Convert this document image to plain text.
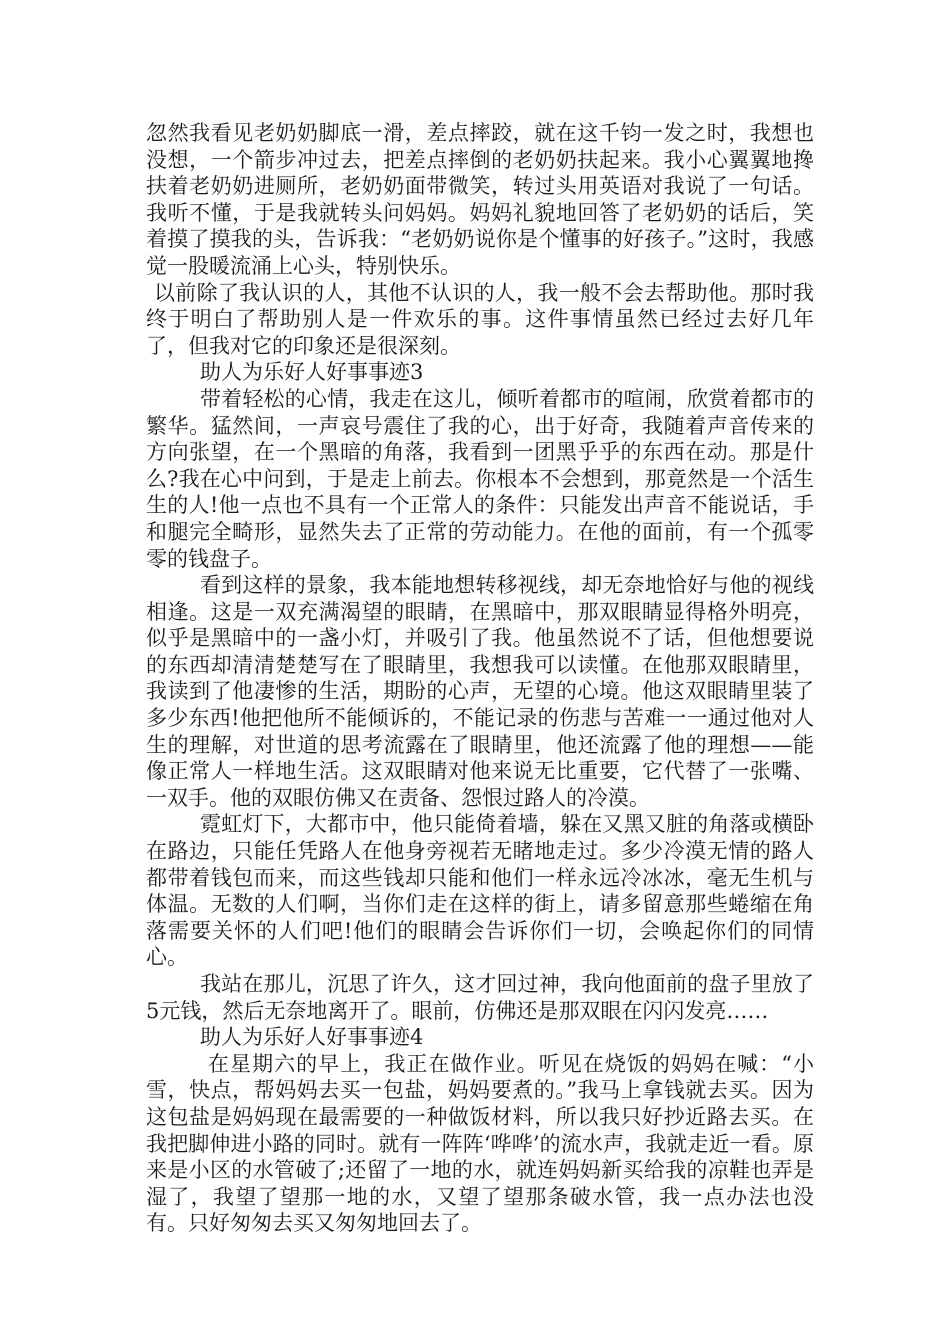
忽然我看见老奶奶脚底一滑，差点摔跤，就在这千钧一发之时，我想也没想，一个箭步冲过去，把差点摔倒的老奶奶扶起来。我小心翼翼地搀扶着老奶奶进厕所，老奶奶面带微笑，转过头用英语对我说了一句话。我听不懂，于是我就转头问妈妈。妈妈礼貌地回答了老奶奶的话后，笑着摸了摸我的头，告诉我：“老奶奶说你是个懂事的好孩子。”这时，我感觉一股暖流涌上心头，特别快乐。

以前除了我认识的人，其他不认识的人，我一般不会去帮助他。那时我终于明白了帮助别人是一件欢乐的事。这件事情虽然已经过去好几年了，但我对它的印象还是很深刻。

助人为乐好人好事事迹3

带着轻松的心情，我走在这儿，倾听着都市的喧闹，欣赏着都市的繁华。猛然间，一声哀号震住了我的心，出于好奇，我随着声音传来的方向张望，在一个黑暗的角落，我看到一团黑乎乎的东西在动。那是什么?我在心中问到，于是走上前去。你根本不会想到，那竟然是一个活生生的人!他一点也不具有一个正常人的条件：只能发出声音不能说话，手和腿完全畸形，显然失去了正常的劳动能力。在他的面前，有一个孤零零的钱盘子。

看到这样的景象，我本能地想转移视线，却无奈地恰好与他的视线相逢。这是一双充满渴望的眼睛，在黑暗中，那双眼睛显得格外明亮，似乎是黑暗中的一盏小灯，并吸引了我。他虽然说不了话，但他想要说的东西却清清楚楚写在了眼睛里，我想我可以读懂。在他那双眼睛里，我读到了他凄惨的生活，期盼的心声，无望的心境。他这双眼睛里装了多少东西!他把他所不能倾诉的，不能记录的伤悲与苦难一一通过他对人生的理解，对世道的思考流露在了眼睛里，他还流露了他的理想——能像正常人一样地生活。这双眼睛对他来说无比重要，它代替了一张嘴、一双手。他的双眼仿佛又在责备、怨恨过路人的冷漠。

霓虹灯下，大都市中，他只能倚着墙，躲在又黑又脏的角落或横卧在路边，只能任凭路人在他身旁视若无睹地走过。多少冷漠无情的路人都带着钱包而来，而这些钱却只能和他们一样永远冷冰冰，毫无生机与体温。无数的人们啊，当你们走在这样的街上，请多留意那些蜷缩在角落需要关怀的人们吧!他们的眼睛会告诉你们一切，会唤起你们的同情心。

我站在那儿，沉思了许久，这才回过神，我向他面前的盘子里放了5元钱，然后无奈地离开了。眼前，仿佛还是那双眼在闪闪发亮……

助人为乐好人好事事迹4

在星期六的早上，我正在做作业。听见在烧饭的妈妈在喊：“小雪，快点，帮妈妈去买一包盐，妈妈要煮的。”我马上拿钱就去买。因为这包盐是妈妈现在最需要的一种做饭材料，所以我只好抄近路去买。在我把脚伸进小路的同时。就有一阵阵‘哗哗’的流水声，我就走近一看。原来是小区的水管破了;还留了一地的水，就连妈妈新买给我的凉鞋也弄是湿了，我望了望那一地的水，又望了望那条破水管，我一点办法也没有。只好匆匆去买又匆匆地回去了。
